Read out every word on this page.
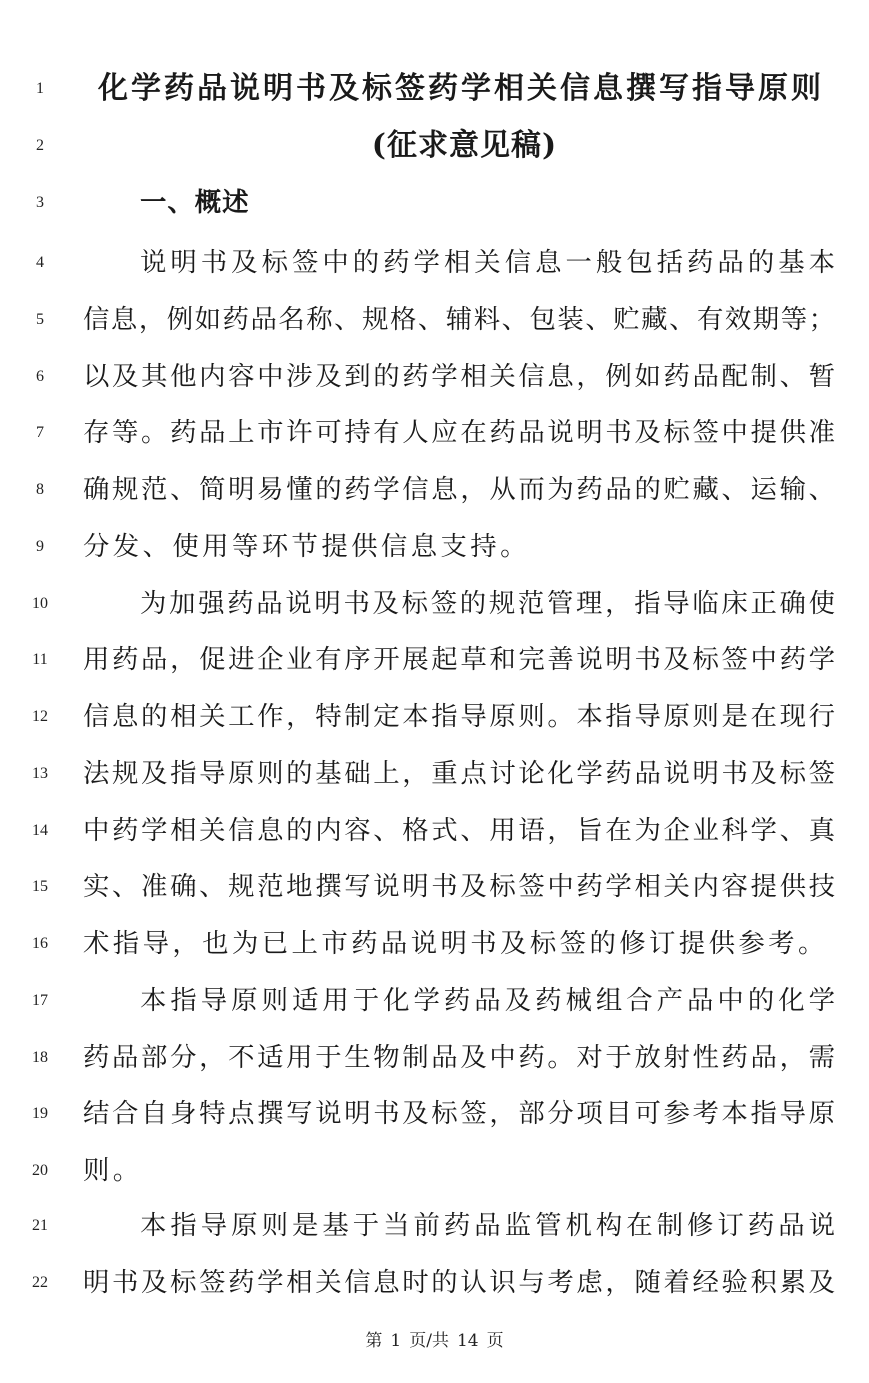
1	化学药品说明书及标签药学相关信息撰写指导原则
2	(征求意见稿)
3	一、概述
4	说明书及标签中的药学相关信息一般包括药品的基本
5	信息，例如药品名称、规格、辅料、包装、贮藏、有效期等；
6	以及其他内容中涉及到的药学相关信息，例如药品配制、暂
7	存等。药品上市许可持有人应在药品说明书及标签中提供准
8	确规范、简明易懂的药学信息，从而为药品的贮藏、运输、
9	分发、使用等环节提供信息支持。
10	为加强药品说明书及标签的规范管理，指导临床正确使
11	用药品，促进企业有序开展起草和完善说明书及标签中药学
12	信息的相关工作，特制定本指导原则。本指导原则是在现行
13	法规及指导原则的基础上，重点讨论化学药品说明书及标签
14	中药学相关信息的内容、格式、用语，旨在为企业科学、真
15	实、准确、规范地撰写说明书及标签中药学相关内容提供技
16	术指导，也为已上市药品说明书及标签的修订提供参考。
17	本指导原则适用于化学药品及药械组合产品中的化学
18	药品部分，不适用于生物制品及中药。对于放射性药品，需
19	结合自身特点撰写说明书及标签，部分项目可参考本指导原
20	则。
21	本指导原则是基于当前药品监管机构在制修订药品说
22	明书及标签药学相关信息时的认识与考虑，随着经验积累及
第 1 页/共 14 页
